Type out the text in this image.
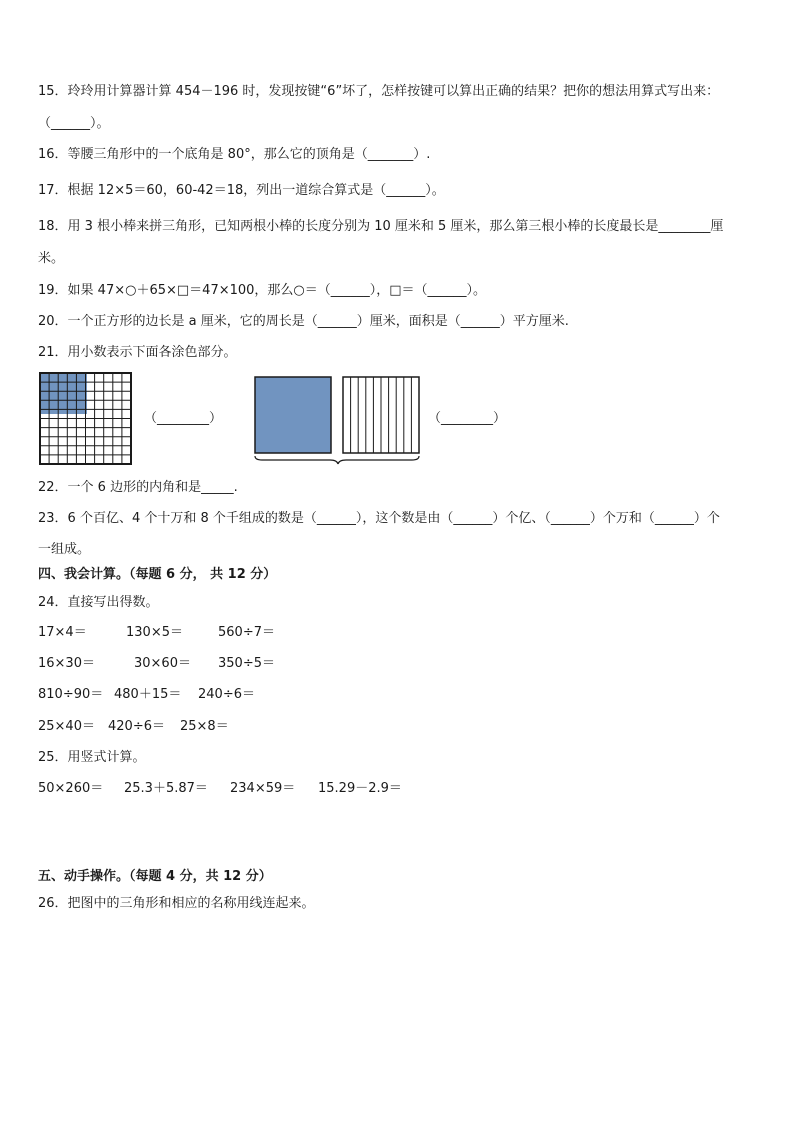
15．玲玲用计算器计算 454－196 时，发现按键“6”坏了，怎样按键可以算出正确的结果？把你的想法用算式写出来：
（______）。
16．等腰三角形中的一个底角是 80°，那么它的顶角是（_______）.
17．根据 12×5＝60，60-42＝18，列出一道综合算式是（______）。
18．用 3 根小棒来拼三角形，已知两根小棒的长度分别为 10 厘米和 5 厘米，那么第三根小棒的长度最长是________厘
米。
19．如果 47×○＋65×□＝47×100，那么○＝（______），□＝（______）。
20．一个正方形的边长是 a 厘米，它的周长是（______）厘米，面积是（______）平方厘米.
21．用小数表示下面各涂色部分。
（________）	（________）
22．一个 6 边形的内角和是_____.
23．6 个百亿、4 个十万和 8 个千组成的数是（______），这个数是由（______）个亿、（______）个万和（______）个
一组成。
四、我会计算。（每题 6 分， 共 12 分）
24．直接写出得数。
17×4＝	130×5＝	560÷7＝
16×30＝	30×60＝ 350÷5＝
810÷90＝ 480＋15＝ 240÷6＝
25×40＝ 420÷6＝ 25×8＝
25．用竖式计算。
50×260＝ 25.3＋5.87＝ 234×59＝ 15.29－2.9＝
五、动手操作。（每题 4 分，共 12 分）
26．把图中的三角形和相应的名称用线连起来。
